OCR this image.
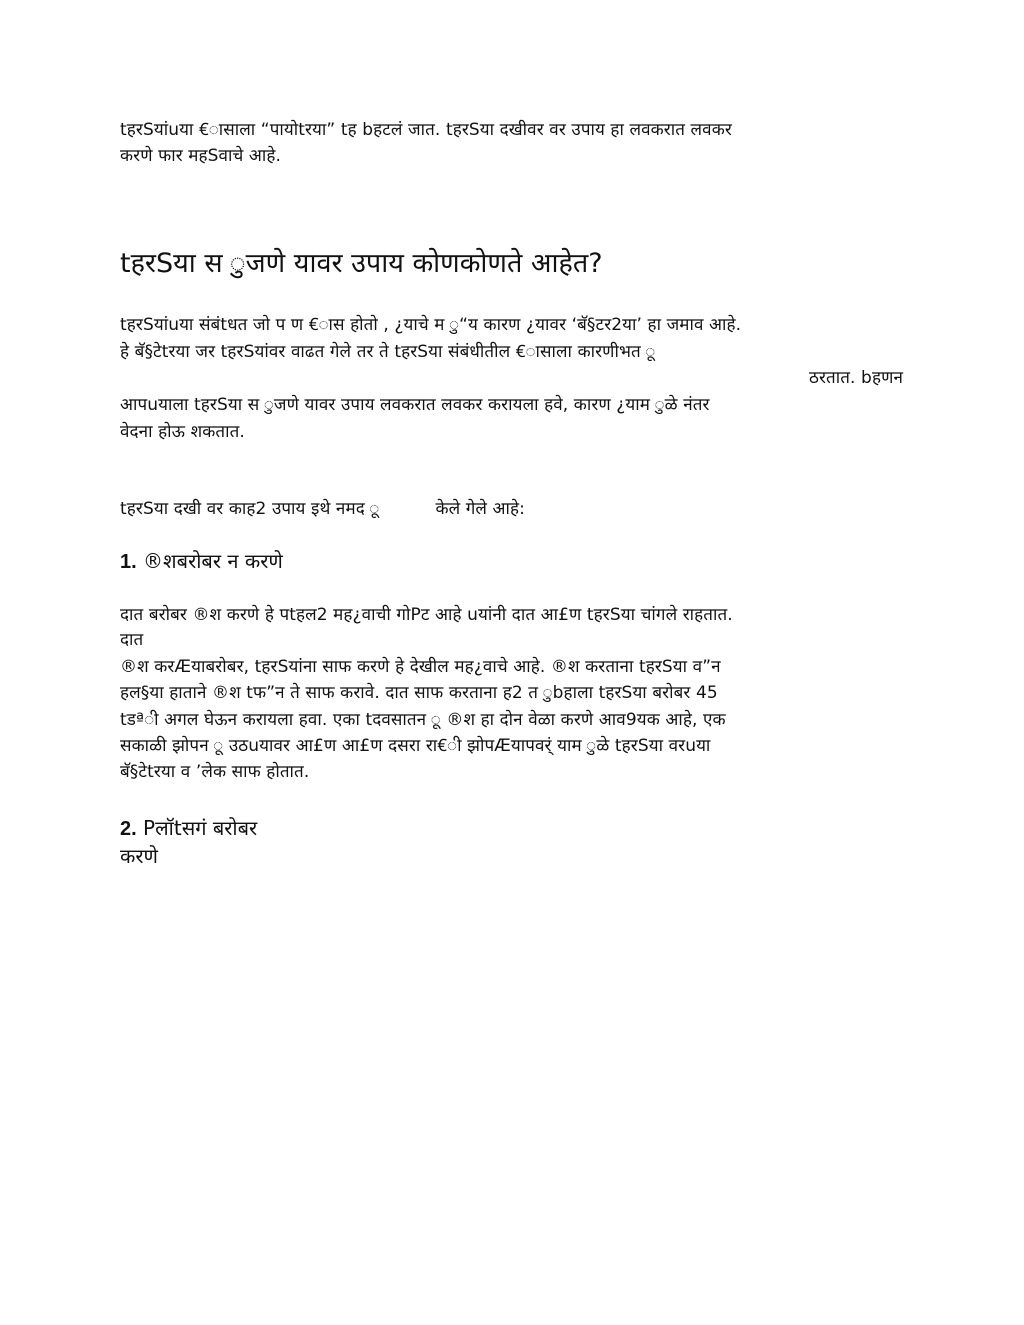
tहरSयांuया €ासाला “पायोtरया” tह bहटलं जात. tहरSया दखीवर वर उपाय हा लवकरात लवकर
करणे फार महSवाचे आहे.
tहरSया स ुजणे यावर उपाय कोणकोणते आहेत?
tहरSयांuया संबंtधत जो प ण €ास होतो , ¿याचे म ु“य कारण ¿यावर ‘बॅ§टर2या’ हा जमाव आहे.
हे बॅ§टेtरया जर tहरSयांवर वाढत गेले तर ते tहरSया संबंधीतील €ासाला कारणीभत ू
ठरतात. bहणन
आपuयाला tहरSया स ुजणे यावर उपाय लवकरात लवकर करायला हवे, कारण ¿याम ुळे नंतर
वेदना होऊ शकतात.
tहरSया दखी वर काह2 उपाय इथे नमद ू	केले गेले आहे:
1. ®शबरोबर न करणे
दात बरोबर ®श करणे हे पtहल2 मह¿वाची गोPट आहे uयांनी दात आ£ण tहरSया चांगले राहतात.
दात
®श करÆयाबरोबर, tहरSयांना साफ करणे हे देखील मह¿वाचे आहे. ®श करताना tहरSया व”न
हल§या हाताने ®श tफ”न ते साफ करावे. दात साफ करताना ह2 त ुbहाला tहरSया बरोबर 45
tडªी अगल घेऊन करायला हवा. एका tदवसातन ू ®श हा दोन वेळा करणे आव9यक आहे, एक
सकाळी झोपन ू उठuयावर आ£ण आ£ण दसरा रा€ी झोपÆयापवर्ं याम ुळे tहरSया वरuया
बॅ§टेtरया व ’लेक साफ होतात.
2. Pलॉtसगं बरोबर
करणे
